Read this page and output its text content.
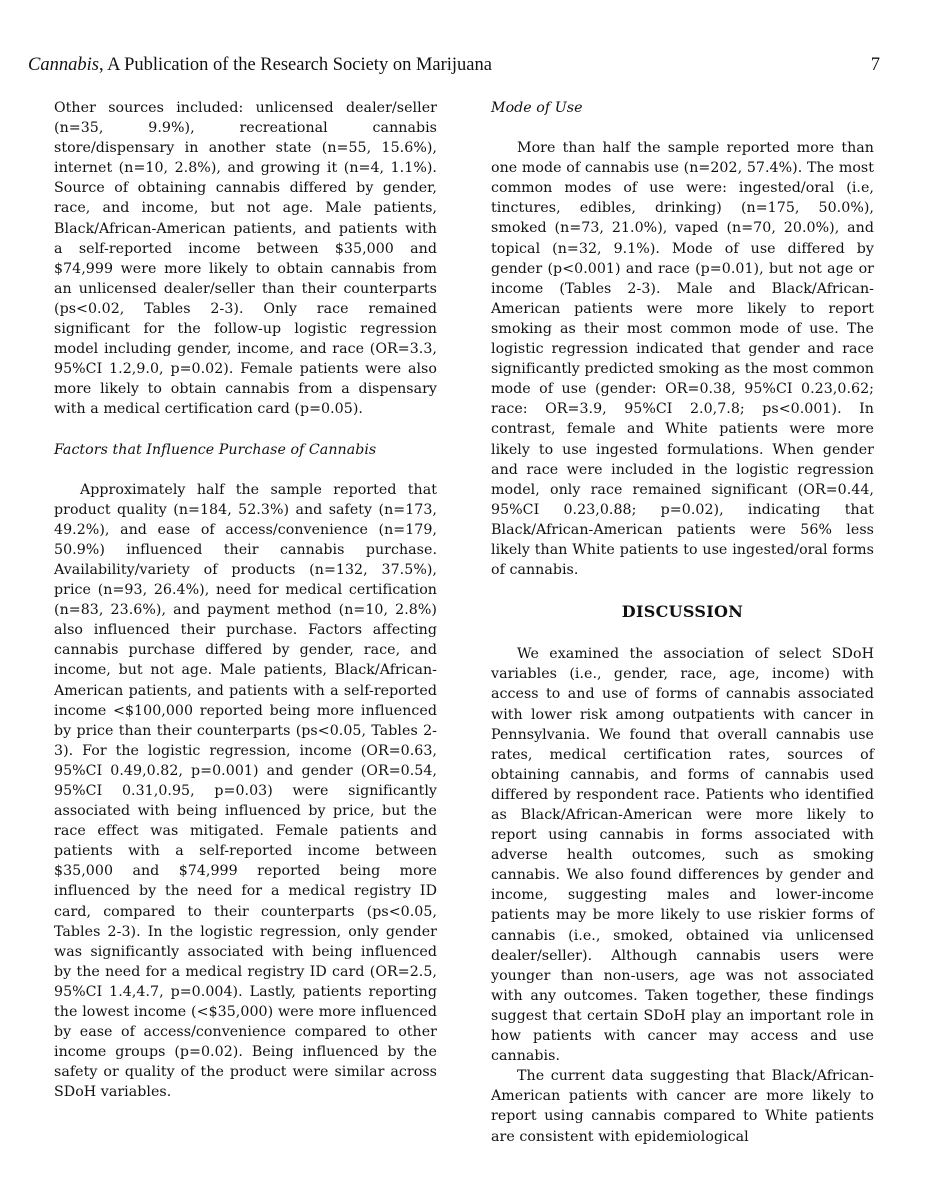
Cannabis, A Publication of the Research Society on Marijuana	7

Other sources included: unlicensed dealer/seller (n=35, 9.9%), recreational cannabis store/dispensary in another state (n=55, 15.6%), internet (n=10, 2.8%), and growing it (n=4, 1.1%). Source of obtaining cannabis differed by gender, race, and income, but not age. Male patients, Black/African-American patients, and patients with a self-reported income between $35,000 and $74,999 were more likely to obtain cannabis from an unlicensed dealer/seller than their counterparts (ps<0.02, Tables 2-3). Only race remained significant for the follow-up logistic regression model including gender, income, and race (OR=3.3, 95%CI 1.2,9.0, p=0.02). Female patients were also more likely to obtain cannabis from a dispensary with a medical certification card (p=0.05).

Factors that Influence Purchase of Cannabis

Approximately half the sample reported that product quality (n=184, 52.3%) and safety (n=173, 49.2%), and ease of access/convenience (n=179, 50.9%) influenced their cannabis purchase. Availability/variety of products (n=132, 37.5%), price (n=93, 26.4%), need for medical certification (n=83, 23.6%), and payment method (n=10, 2.8%) also influenced their purchase. Factors affecting cannabis purchase differed by gender, race, and income, but not age. Male patients, Black/African-American patients, and patients with a self-reported income <$100,000 reported being more influenced by price than their counterparts (ps<0.05, Tables 2-3). For the logistic regression, income (OR=0.63, 95%CI 0.49,0.82, p=0.001) and gender (OR=0.54, 95%CI 0.31,0.95, p=0.03) were significantly associated with being influenced by price, but the race effect was mitigated. Female patients and patients with a self-reported income between $35,000 and $74,999 reported being more influenced by the need for a medical registry ID card, compared to their counterparts (ps<0.05, Tables 2-3). In the logistic regression, only gender was significantly associated with being influenced by the need for a medical registry ID card (OR=2.5, 95%CI 1.4,4.7, p=0.004). Lastly, patients reporting the lowest income (<$35,000) were more influenced by ease of access/convenience compared to other income groups (p=0.02). Being influenced by the safety or quality of the product were similar across SDoH variables.

Mode of Use

More than half the sample reported more than one mode of cannabis use (n=202, 57.4%). The most common modes of use were: ingested/oral (i.e, tinctures, edibles, drinking) (n=175, 50.0%), smoked (n=73, 21.0%), vaped (n=70, 20.0%), and topical (n=32, 9.1%). Mode of use differed by gender (p<0.001) and race (p=0.01), but not age or income (Tables 2-3). Male and Black/African-American patients were more likely to report smoking as their most common mode of use. The logistic regression indicated that gender and race significantly predicted smoking as the most common mode of use (gender: OR=0.38, 95%CI 0.23,0.62; race: OR=3.9, 95%CI 2.0,7.8; ps<0.001). In contrast, female and White patients were more likely to use ingested formulations. When gender and race were included in the logistic regression model, only race remained significant (OR=0.44, 95%CI 0.23,0.88; p=0.02), indicating that Black/African-American patients were 56% less likely than White patients to use ingested/oral forms of cannabis.

DISCUSSION

We examined the association of select SDoH variables (i.e., gender, race, age, income) with access to and use of forms of cannabis associated with lower risk among outpatients with cancer in Pennsylvania. We found that overall cannabis use rates, medical certification rates, sources of obtaining cannabis, and forms of cannabis used differed by respondent race. Patients who identified as Black/African-American were more likely to report using cannabis in forms associated with adverse health outcomes, such as smoking cannabis. We also found differences by gender and income, suggesting males and lower-income patients may be more likely to use riskier forms of cannabis (i.e., smoked, obtained via unlicensed dealer/seller). Although cannabis users were younger than non-users, age was not associated with any outcomes. Taken together, these findings suggest that certain SDoH play an important role in how patients with cancer may access and use cannabis.

The current data suggesting that Black/African-American patients with cancer are more likely to report using cannabis compared to White patients are consistent with epidemiological
